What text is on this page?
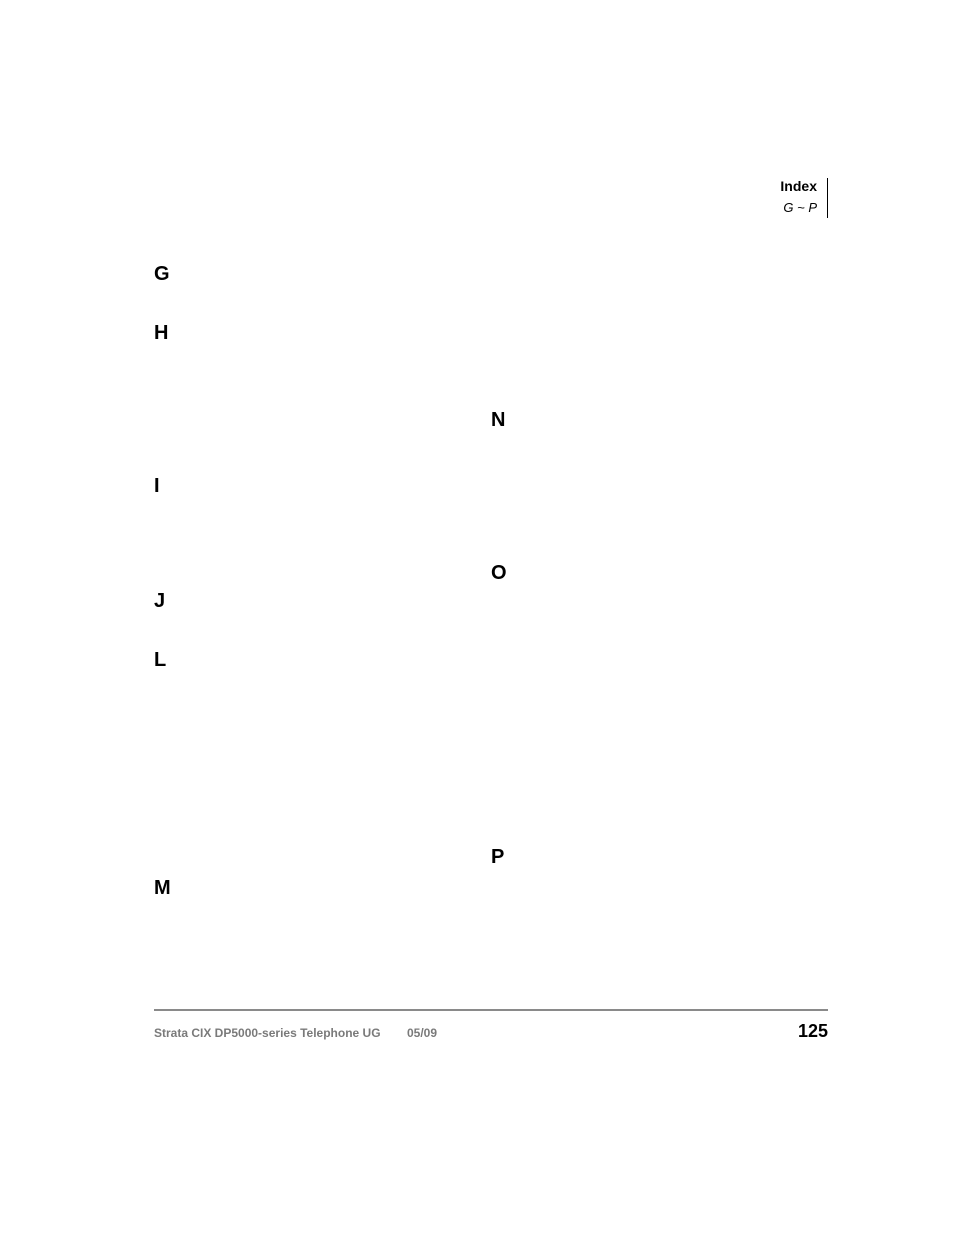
Index
G ~ P
G
H
I
J
L
M
N
O
P
Strata CIX DP5000-series Telephone UG 05/09	125
